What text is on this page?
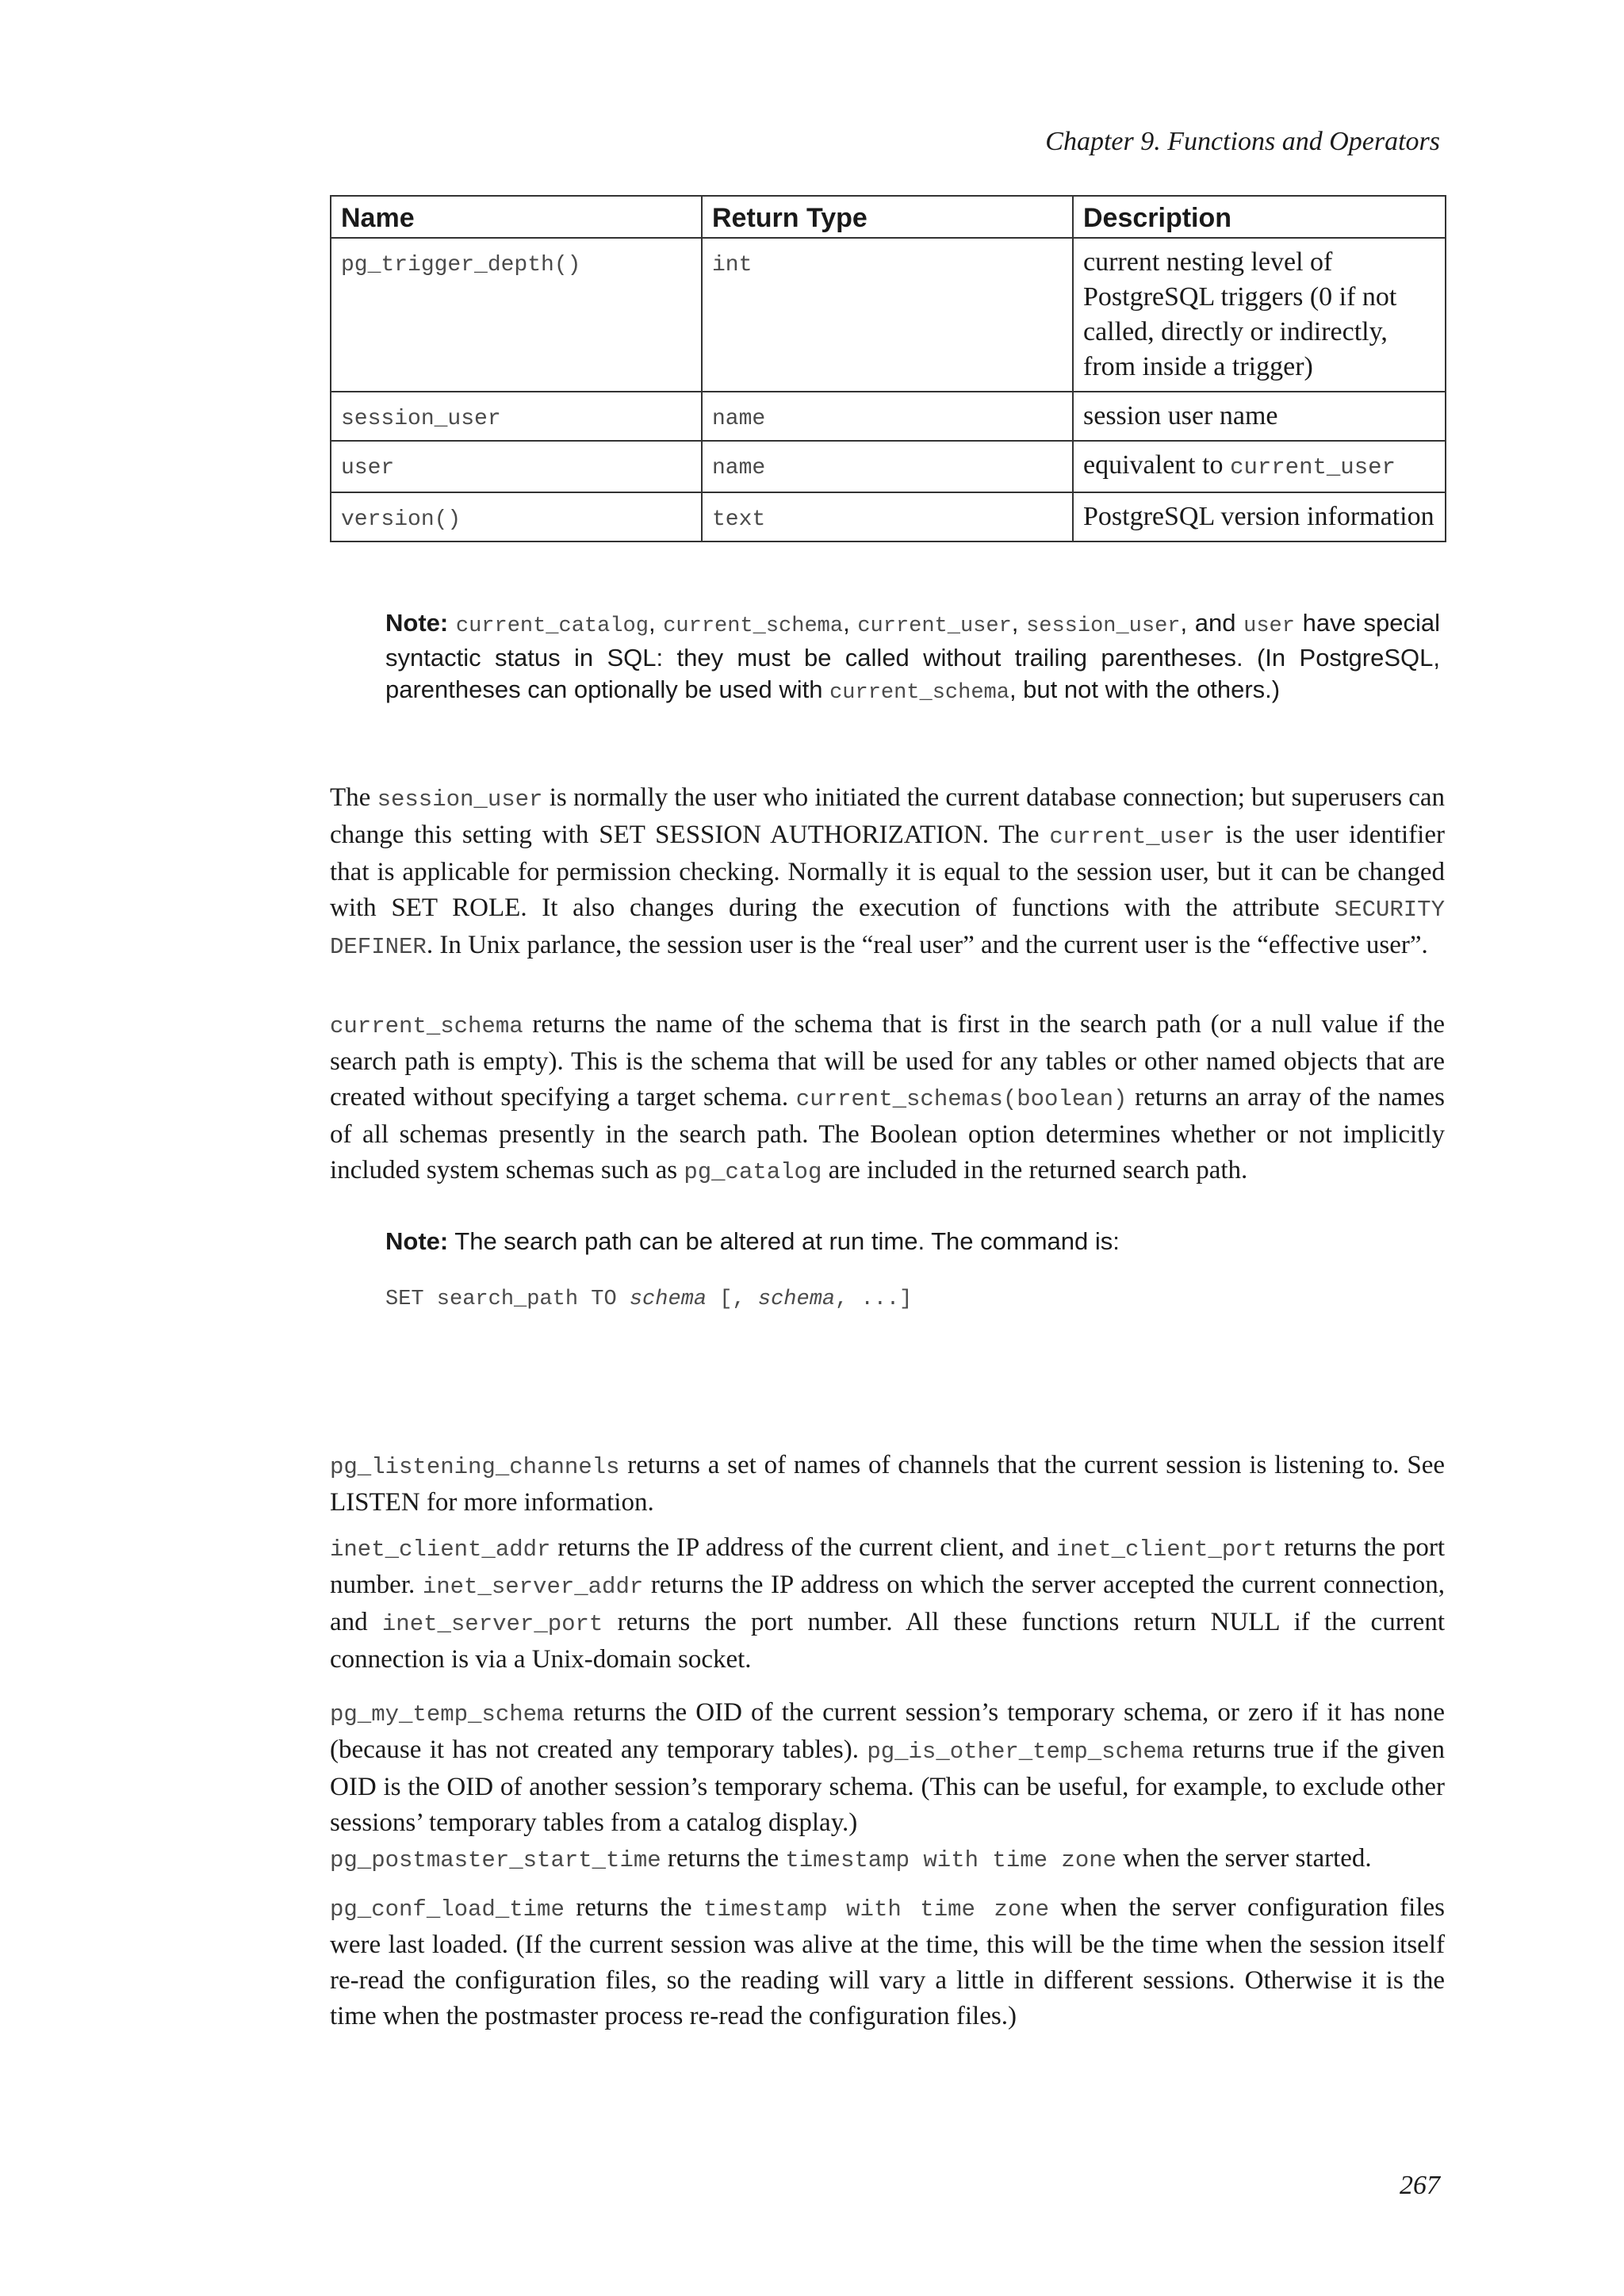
Chapter 9. Functions and Operators
Name	Return Type	Description
pg_trigger_depth()	int	current nesting level of PostgreSQL triggers (0 if not called, directly or indirectly, from inside a trigger)
session_user	name	session user name
user	name	equivalent to current_user
version()	text	PostgreSQL version information
Note: current_catalog, current_schema, current_user, session_user, and user have special syntactic status in SQL: they must be called without trailing parentheses. (In PostgreSQL, parentheses can optionally be used with current_schema, but not with the others.)
The session_user is normally the user who initiated the current database connection; but superusers can change this setting with SET SESSION AUTHORIZATION. The current_user is the user identifier that is applicable for permission checking. Normally it is equal to the session user, but it can be changed with SET ROLE. It also changes during the execution of functions with the attribute SECURITY DEFINER. In Unix parlance, the session user is the “real user” and the current user is the “effective user”.
current_schema returns the name of the schema that is first in the search path (or a null value if the search path is empty). This is the schema that will be used for any tables or other named objects that are created without specifying a target schema. current_schemas(boolean) returns an array of the names of all schemas presently in the search path. The Boolean option determines whether or not implicitly included system schemas such as pg_catalog are included in the returned search path.
Note: The search path can be altered at run time. The command is:
SET search_path TO schema [, schema, ...]
pg_listening_channels returns a set of names of channels that the current session is listening to. See LISTEN for more information.
inet_client_addr returns the IP address of the current client, and inet_client_port returns the port number. inet_server_addr returns the IP address on which the server accepted the current connection, and inet_server_port returns the port number. All these functions return NULL if the current connection is via a Unix-domain socket.
pg_my_temp_schema returns the OID of the current session’s temporary schema, or zero if it has none (because it has not created any temporary tables). pg_is_other_temp_schema returns true if the given OID is the OID of another session’s temporary schema. (This can be useful, for example, to exclude other sessions’ temporary tables from a catalog display.)
pg_postmaster_start_time returns the timestamp with time zone when the server started.
pg_conf_load_time returns the timestamp with time zone when the server configuration files were last loaded. (If the current session was alive at the time, this will be the time when the session itself re-read the configuration files, so the reading will vary a little in different sessions. Otherwise it is the time when the postmaster process re-read the configuration files.)
267
